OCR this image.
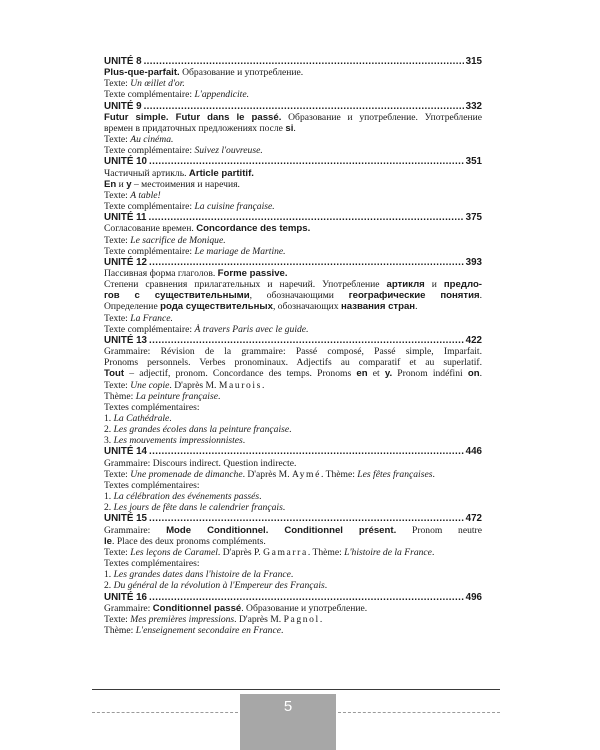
UNITÉ 8 .....	315
Plus-que-parfait. Образование и употребление.
Texte: Un œillet d'or.
Texte complémentaire: L'appendicite.
UNITÉ 9 .....	332
Futur simple. Futur dans le passé. Образование и употребление. Употребление
времен в придаточных предложениях после si.
Texte: Au cinéma.
Texte complémentaire: Suivez l'ouvreuse.
UNITÉ 10 .....	351
Частичный артикль. Article partitif.
En и y – местоимения и наречия.
Texte: A table!
Texte complémentaire: La cuisine française.
UNITÉ 11 .....	375
Согласование времен. Concordance des temps.
Texte: Le sacrifice de Monique.
Texte complémentaire: Le mariage de Martine.
UNITÉ 12 .....	393
Пассивная форма глаголов. Forme passive.
Степени сравнения прилагательных и наречий. Употребление артикля и предло-
гов с существительными, обозначающими географические понятия.
Определение рода существительных, обозначающих названия стран.
Texte: La France.
Texte complémentaire: À travers Paris avec le guide.
UNITÉ 13 .....	422
Grammaire: Révision de la grammaire: Passé composé, Passé simple, Imparfait.
Pronoms personnels. Verbes pronominaux. Adjectifs au comparatif et au superlatif.
Tout – adjectif, pronom. Concordance des temps. Pronoms en et y. Pronom indéfini on.
Texte: Une copie. D'après M. Maurois.
Thème: La peinture française.
Textes complémentaires:
1. La Cathédrale.
2. Les grandes écoles dans la peinture française.
3. Les mouvements impressionnistes.
UNITÉ 14 .....	446
Grammaire: Discours indirect. Question indirecte.
Texte: Une promenade de dimanche. D'après M. Aymé. Thème: Les fêtes françaises.
Textes complémentaires:
1. La célébration des événements passés.
2. Les jours de fête dans le calendrier français.
UNITÉ 15 .....	472
Grammaire: Mode Conditionnel. Conditionnel présent. Pronom neutre
le. Place des deux pronoms compléments.
Texte: Les leçons de Caramel. D'après P. Gamarra. Thème: L'histoire de la France.
Textes complémentaires:
1. Les grandes dates dans l'histoire de la France.
2. Du général de la révolution à l'Empereur des Français.
UNITÉ 16 .....	496
Grammaire: Conditionnel passé. Образование и употребление.
Texte: Mes premières impressions. D'après M. Pagnol.
Thème: L'enseignement secondaire en France.
5
